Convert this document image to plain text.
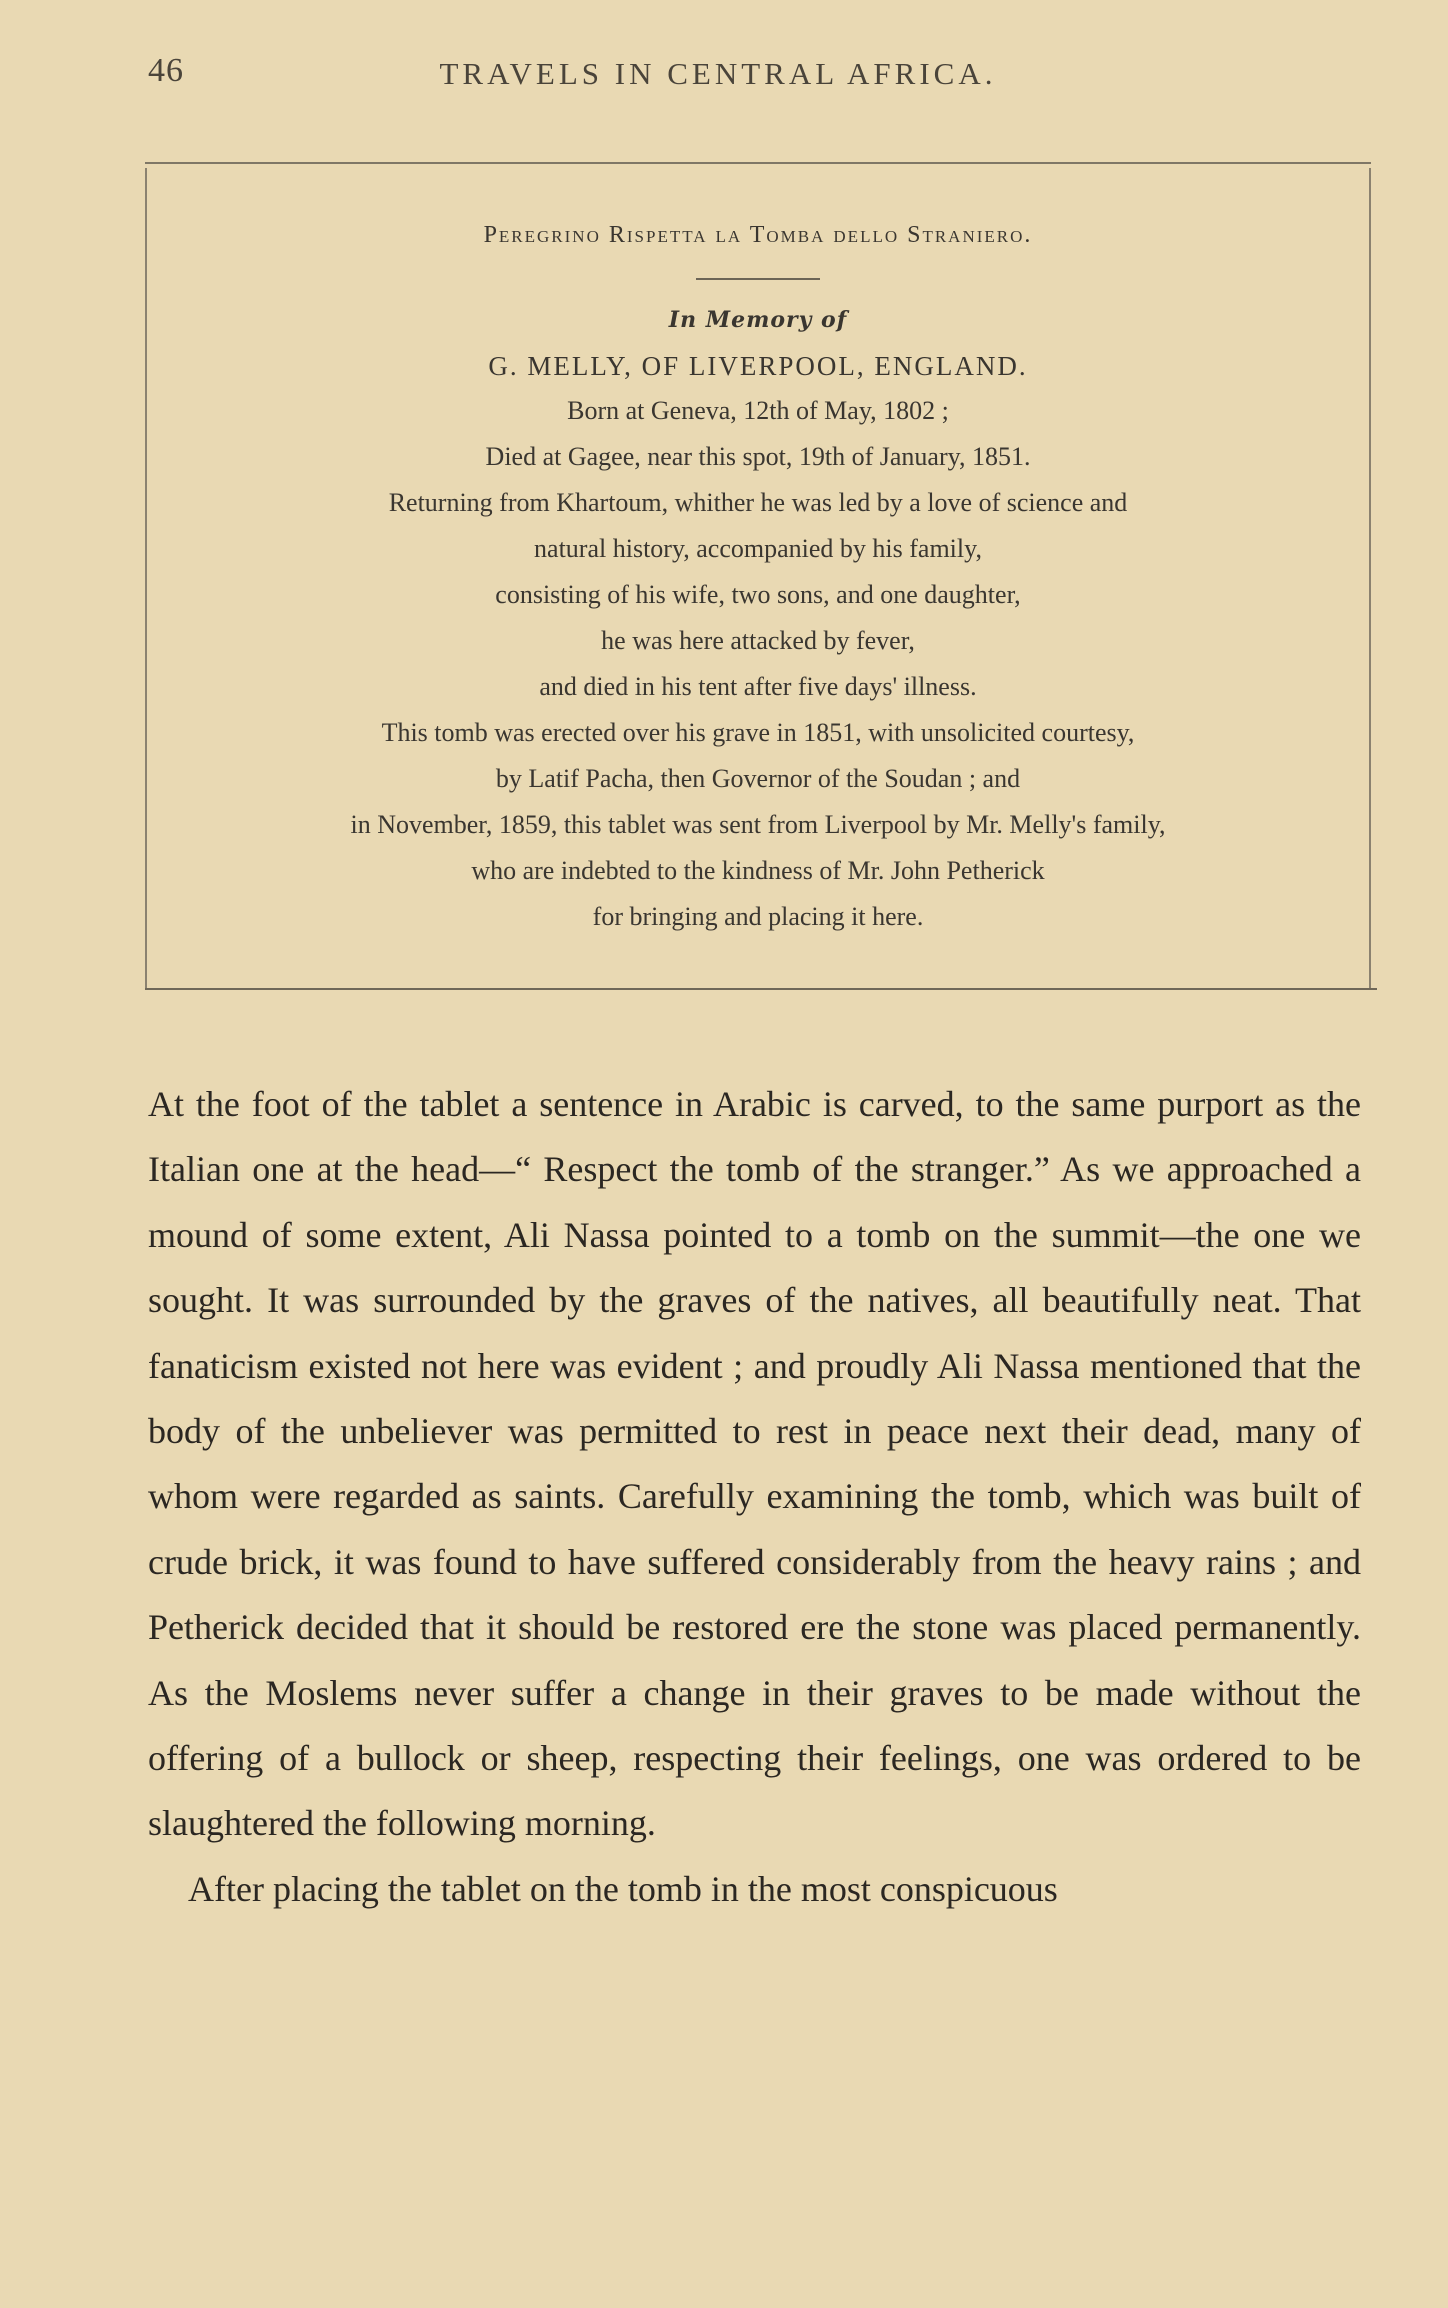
46	TRAVELS IN CENTRAL AFRICA.

Peregrino Rispetta la Tomba dello Straniero.

In Memory of
G. MELLY, OF LIVERPOOL, ENGLAND.
Born at Geneva, 12th of May, 1802 ;
Died at Gagee, near this spot, 19th of January, 1851.
Returning from Khartoum, whither he was led by a love of science and
natural history, accompanied by his family,
consisting of his wife, two sons, and one daughter,
he was here attacked by fever,
and died in his tent after five days' illness.
This tomb was erected over his grave in 1851, with unsolicited courtesy,
by Latif Pacha, then Governor of the Soudan ; and
in November, 1859, this tablet was sent from Liverpool by Mr. Melly's family,
who are indebted to the kindness of Mr. John Petherick
for bringing and placing it here.

At the foot of the tablet a sentence in Arabic is carved, to the same purport as the Italian one at the head—“ Respect the tomb of the stranger.” As we approached a mound of some extent, Ali Nassa pointed to a tomb on the summit—the one we sought. It was surrounded by the graves of the natives, all beautifully neat. That fanaticism existed not here was evident ; and proudly Ali Nassa mentioned that the body of the unbeliever was permitted to rest in peace next their dead, many of whom were regarded as saints. Carefully examining the tomb, which was built of crude brick, it was found to have suffered considerably from the heavy rains ; and Petherick decided that it should be restored ere the stone was placed permanently. As the Moslems never suffer a change in their graves to be made without the offering of a bullock or sheep, respecting their feelings, one was ordered to be slaughtered the following morning.

After placing the tablet on the tomb in the most conspicuous
